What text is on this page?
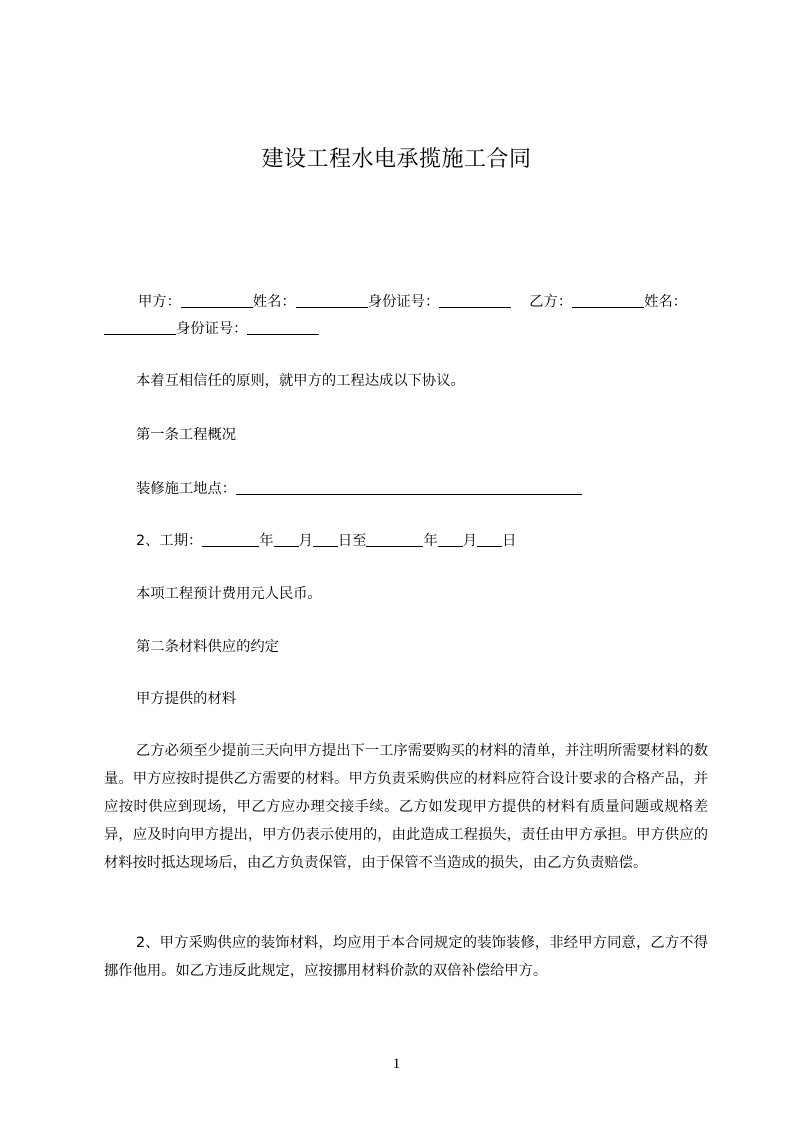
建设工程水电承揽施工合同
甲方：	姓名：	身份证号：	乙方：	姓名：
身份证号：
本着互相信任的原则，就甲方的工程达成以下协议。
第一条工程概况
装修施工地点：
2、工期：	年 月 日至	年 月 日
本项工程预计费用元人民币。
第二条材料供应的约定
甲方提供的材料
乙方必须至少提前三天向甲方提出下一工序需要购买的材料的清单，并注明所需要材料的数量。甲方应按时提供乙方需要的材料。甲方负责采购供应的材料应符合设计要求的合格产品，并应按时供应到现场，甲乙方应办理交接手续。乙方如发现甲方提供的材料有质量问题或规格差异，应及时向甲方提出，甲方仍表示使用的，由此造成工程损失，责任由甲方承担。甲方供应的材料按时抵达现场后，由乙方负责保管，由于保管不当造成的损失，由乙方负责赔偿。
2、甲方采购供应的装饰材料，均应用于本合同规定的装饰装修，非经甲方同意，乙方不得挪作他用。如乙方违反此规定，应按挪用材料价款的双倍补偿给甲方。
1
